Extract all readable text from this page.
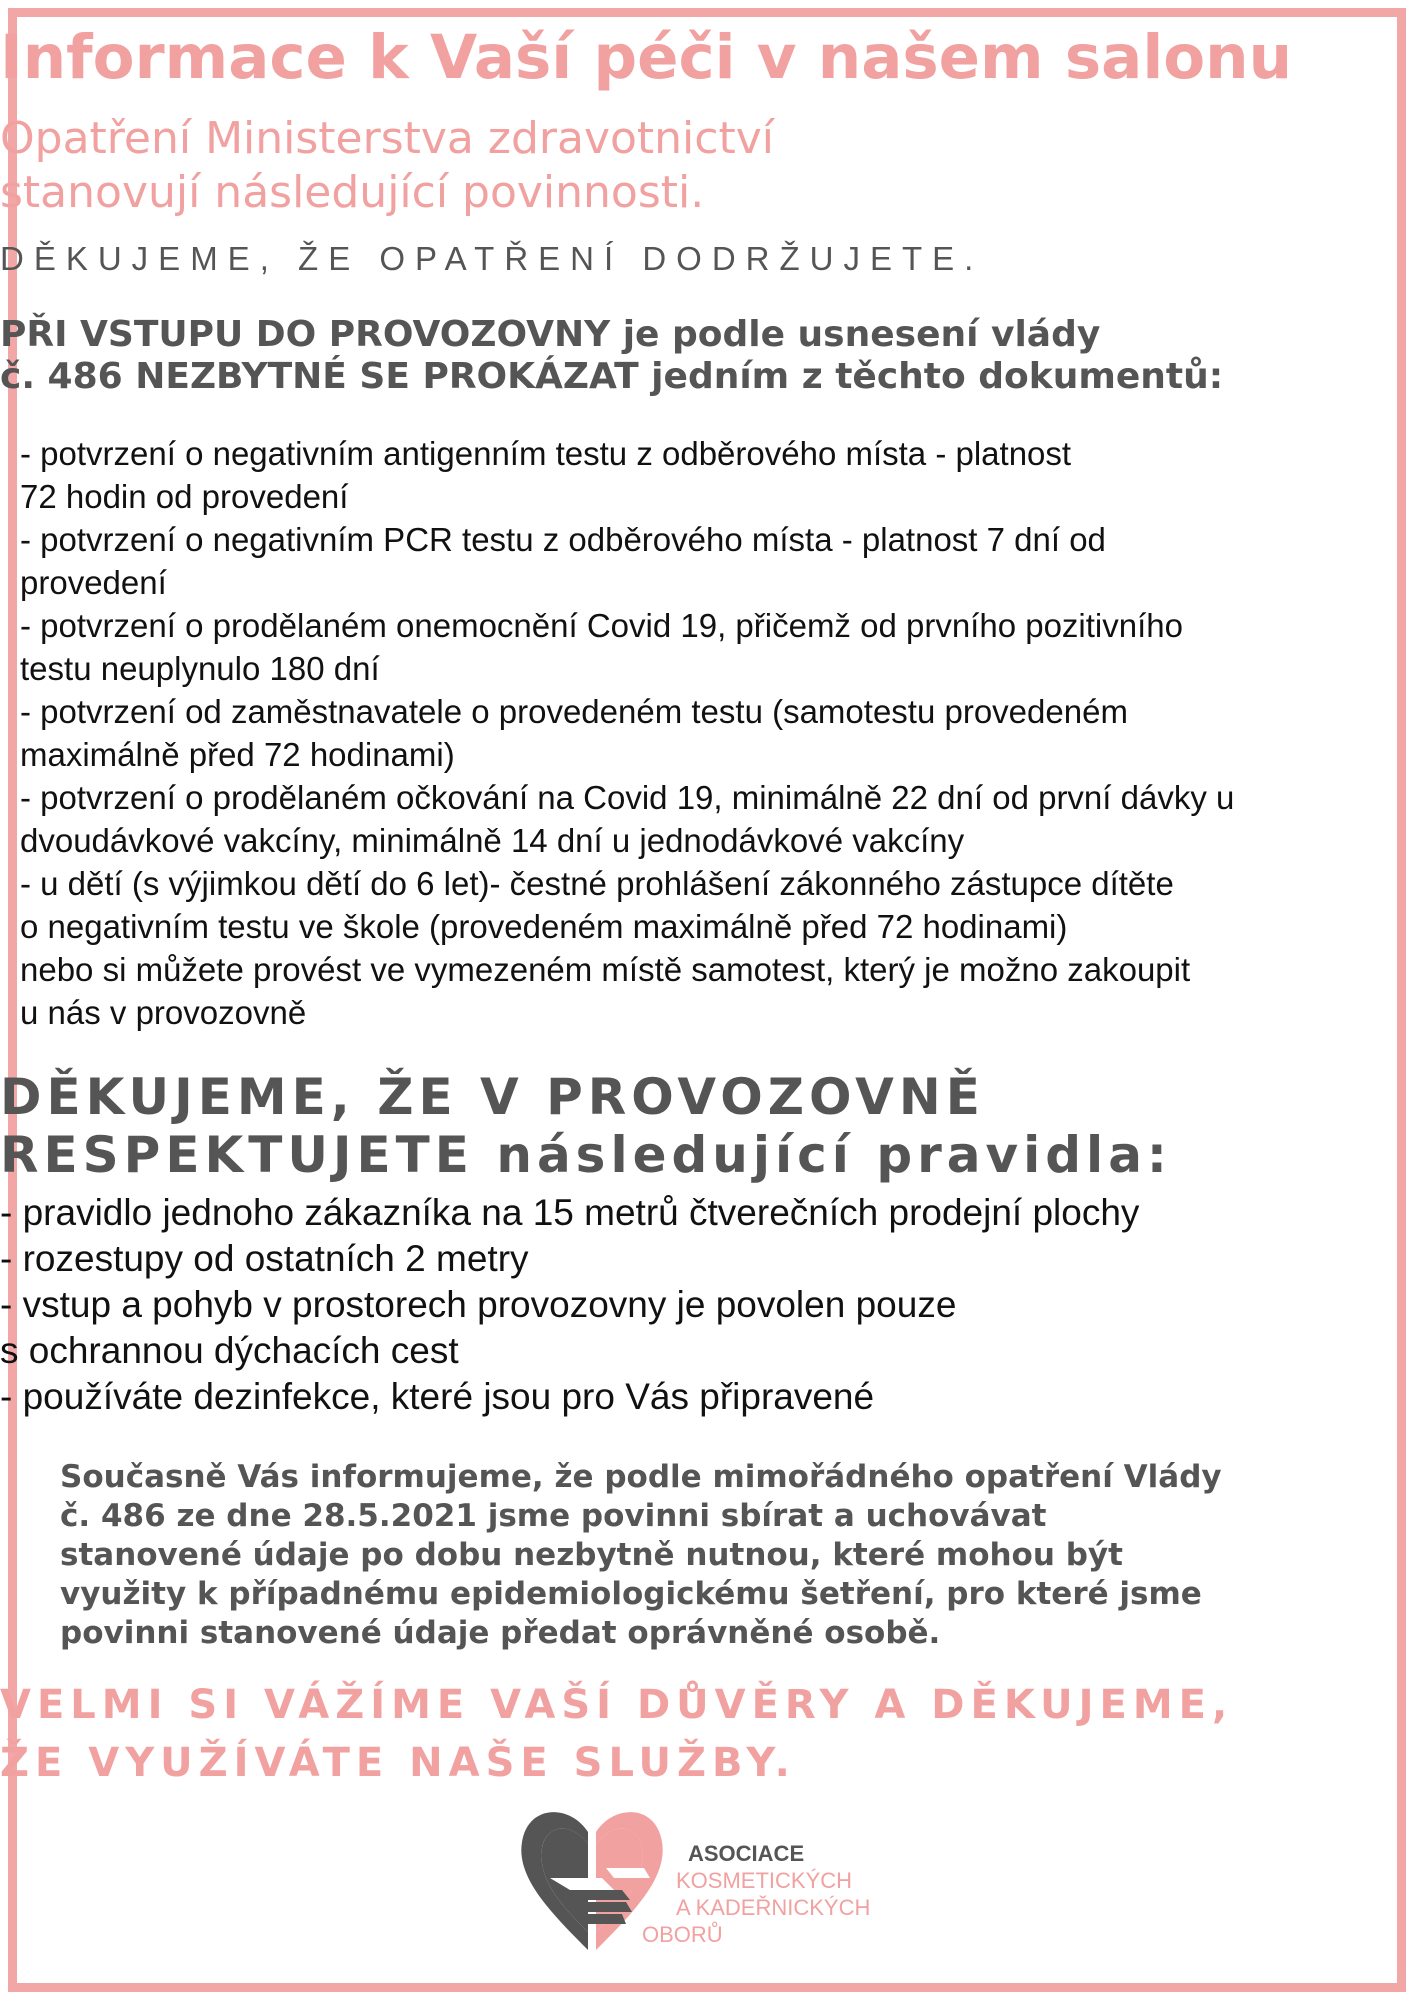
Informace k Vaší péči v našem salonu

Opatření Ministerstva zdravotnictví

stanovují následující povinnosti.

DĚKUJEME, ŽE OPATŘENÍ DODRŽUJETE.

PŘI VSTUPU DO PROVOZOVNY je podle usnesení vlády

č. 486 NEZBYTNÉ SE PROKÁZAT jedním z těchto dokumentů:

- potvrzení o negativním antigenním testu z odběrového místa - platnost

72 hodin od provedení

- potvrzení o negativním PCR testu z odběrového místa - platnost 7 dní od

provedení

- potvrzení o prodělaném onemocnění Covid 19, přičemž od prvního pozitivního

testu neuplynulo 180 dní

- potvrzení od zaměstnavatele o provedeném testu (samotestu provedeném

maximálně před 72 hodinami)

- potvrzení o prodělaném očkování na Covid 19, minimálně 22 dní od první dávky u

dvoudávkové vakcíny, minimálně 14 dní u jednodávkové vakcíny

- u dětí (s výjimkou dětí do 6 let)- čestné prohlášení zákonného zástupce dítěte

o negativním testu ve škole (provedeném maximálně před 72 hodinami)

nebo si můžete provést ve vymezeném místě samotest, který je možno zakoupit

u nás v provozovně

DĚKUJEME, ŽE V PROVOZOVNĚ

RESPEKTUJETE následující pravidla:

- pravidlo jednoho zákazníka na 15 metrů čtverečních prodejní plochy

- rozestupy od ostatních 2 metry

- vstup a pohyb v prostorech provozovny je povolen pouze

s ochrannou dýchacích cest

- používáte dezinfekce, které jsou pro Vás připravené

Současně Vás informujeme, že podle mimořádného opatření Vlády

č. 486 ze dne 28.5.2021 jsme povinni sbírat a uchovávat

stanovené údaje po dobu nezbytně nutnou, které mohou být

využity k případnému epidemiologickému šetření, pro které jsme

povinni stanovené údaje předat oprávněné osobě.

VELMI SI VÁŽÍME VAŠÍ DŮVĚRY A DĚKUJEME,

ŽE VYUŽÍVÁTE NAŠE SLUŽBY.

ASOCIACE
KOSMETICKÝCH
A KADEŘNICKÝCH
OBORŮ
